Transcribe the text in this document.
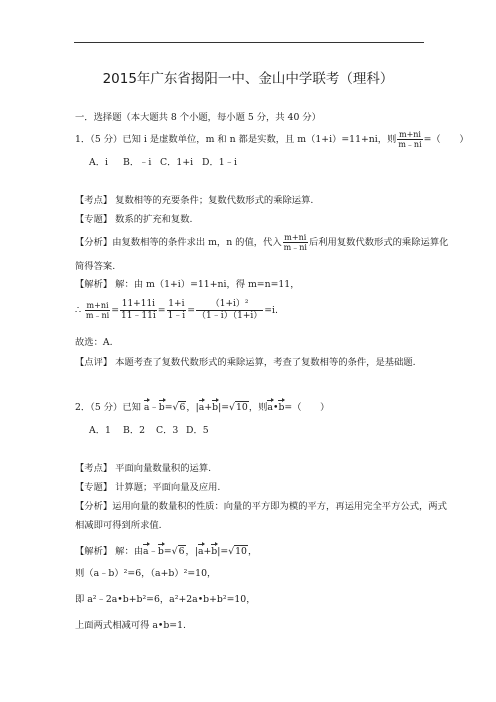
2015年广东省揭阳一中、金山中学联考（理科）
一．选择题（本大题共 8 个小题，每小题 5 分，共 40 分）
1．（5 分）已知 i 是虚数单位，m 和 n 都是实数，且 m（1+i）=11+ni，则 $\frac{m+ni}{m﹣ni}$ =（　　）
A．i B．﹣i C．1+i D．1﹣i
【考点】 复数相等的充要条件；复数代数形式的乘除运算.
【专题】 数系的扩充和复数.
【分析】由复数相等的条件求出 m，n 的值，代入 $\frac{m+ni}{m﹣ni}$ 后利用复数代数形式的乘除运算化
简得答案.
【解析】 解：由 m（1+i）=11+ni，得 m=n=11，
∴ $\frac{m+ni}{m﹣ni} = \frac{11+11i}{11﹣11i} = \frac{1+i}{1﹣i} = \frac{\text{（1+i）²}}{(1﹣i)(1+i)} =i$.
故选：A.
【点评】 本题考查了复数代数形式的乘除运算，考查了复数相等的条件，是基础题.
2．（5 分）已知 a﹣b=√6，|a+b|=√10，则a•b=（　　）
A．1 B．2 C．3 D．5
【考点】 平面向量数量积的运算.
【专题】 计算题；平面向量及应用.
【分析】运用向量的数量积的性质：向量的平方即为模的平方，再运用完全平方公式，两式
相减即可得到所求值.
【解析】 解：由a﹣b=√6，|a+b|=√10，
则（a﹣b）²=6，（a+b）²=10，
即 a²﹣2a•b+b²=6，a²+2a•b+b²=10，
上面两式相减可得 a•b=1.
